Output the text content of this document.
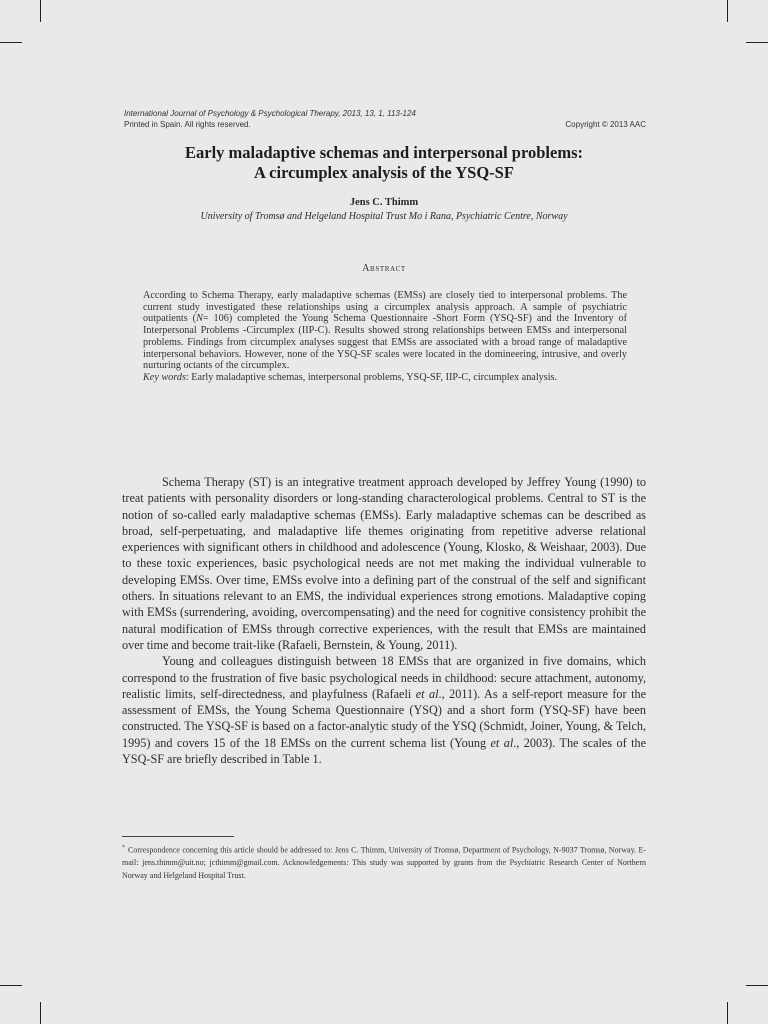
International Journal of Psychology & Psychological Therapy, 2013, 13, 1, 113-124
Printed in Spain. All rights reserved.	Copyright © 2013 AAC
Early maladaptive schemas and interpersonal problems:
A circumplex analysis of the YSQ-SF
Jens C. Thimm
University of Tromsø and Helgeland Hospital Trust Mo i Rana, Psychiatric Centre, Norway
Abstract
According to Schema Therapy, early maladaptive schemas (EMSs) are closely tied to interpersonal problems. The current study investigated these relationships using a circumplex analysis approach. A sample of psychiatric outpatients (N= 106) completed the Young Schema Questionnaire -Short Form (YSQ-SF) and the Inventory of Interpersonal Problems -Circumplex (IIP-C). Results showed strong relationships between EMSs and interpersonal problems. Findings from circumplex analyses suggest that EMSs are associated with a broad range of maladaptive interpersonal behaviors. However, none of the YSQ-SF scales were located in the domineering, intrusive, and overly nurturing octants of the circumplex.
Key words: Early maladaptive schemas, interpersonal problems, YSQ-SF, IIP-C, circumplex analysis.

Schema Therapy (ST) is an integrative treatment approach developed by Jeffrey Young (1990) to treat patients with personality disorders or long-standing characterological problems. Central to ST is the notion of so-called early maladaptive schemas (EMSs). Early maladaptive schemas can be described as broad, self-perpetuating, and maladaptive life themes originating from repetitive adverse relational experiences with significant others in childhood and adolescence (Young, Klosko, & Weishaar, 2003). Due to these toxic experiences, basic psychological needs are not met making the individual vulnerable to developing EMSs. Over time, EMSs evolve into a defining part of the construal of the self and significant others. In situations relevant to an EMS, the individual experiences strong emotions. Maladaptive coping with EMSs (surrendering, avoiding, overcompensating) and the need for cognitive consistency prohibit the natural modification of EMSs through corrective experiences, with the result that EMSs are maintained over time and become trait-like (Rafaeli, Bernstein, & Young, 2011).

Young and colleagues distinguish between 18 EMSs that are organized in five domains, which correspond to the frustration of five basic psychological needs in childhood: secure attachment, autonomy, realistic limits, self-directedness, and playfulness (Rafaeli et al., 2011). As a self-report measure for the assessment of EMSs, the Young Schema Questionnaire (YSQ) and a short form (YSQ-SF) have been constructed. The YSQ-SF is based on a factor-analytic study of the YSQ (Schmidt, Joiner, Young, & Telch, 1995) and covers 15 of the 18 EMSs on the current schema list (Young et al., 2003). The scales of the YSQ-SF are briefly described in Table 1.

* Correspondence concerning this article should be addressed to: Jens C. Thimm, University of Tromsø, Department of Psychology, N-9037 Tromsø, Norway. E-mail: jens.thimm@uit.no; jcthimm@gmail.com. Acknowledgements: This study was supported by grants from the Psychiatric Research Center of Northern Norway and Helgeland Hospital Trust.
